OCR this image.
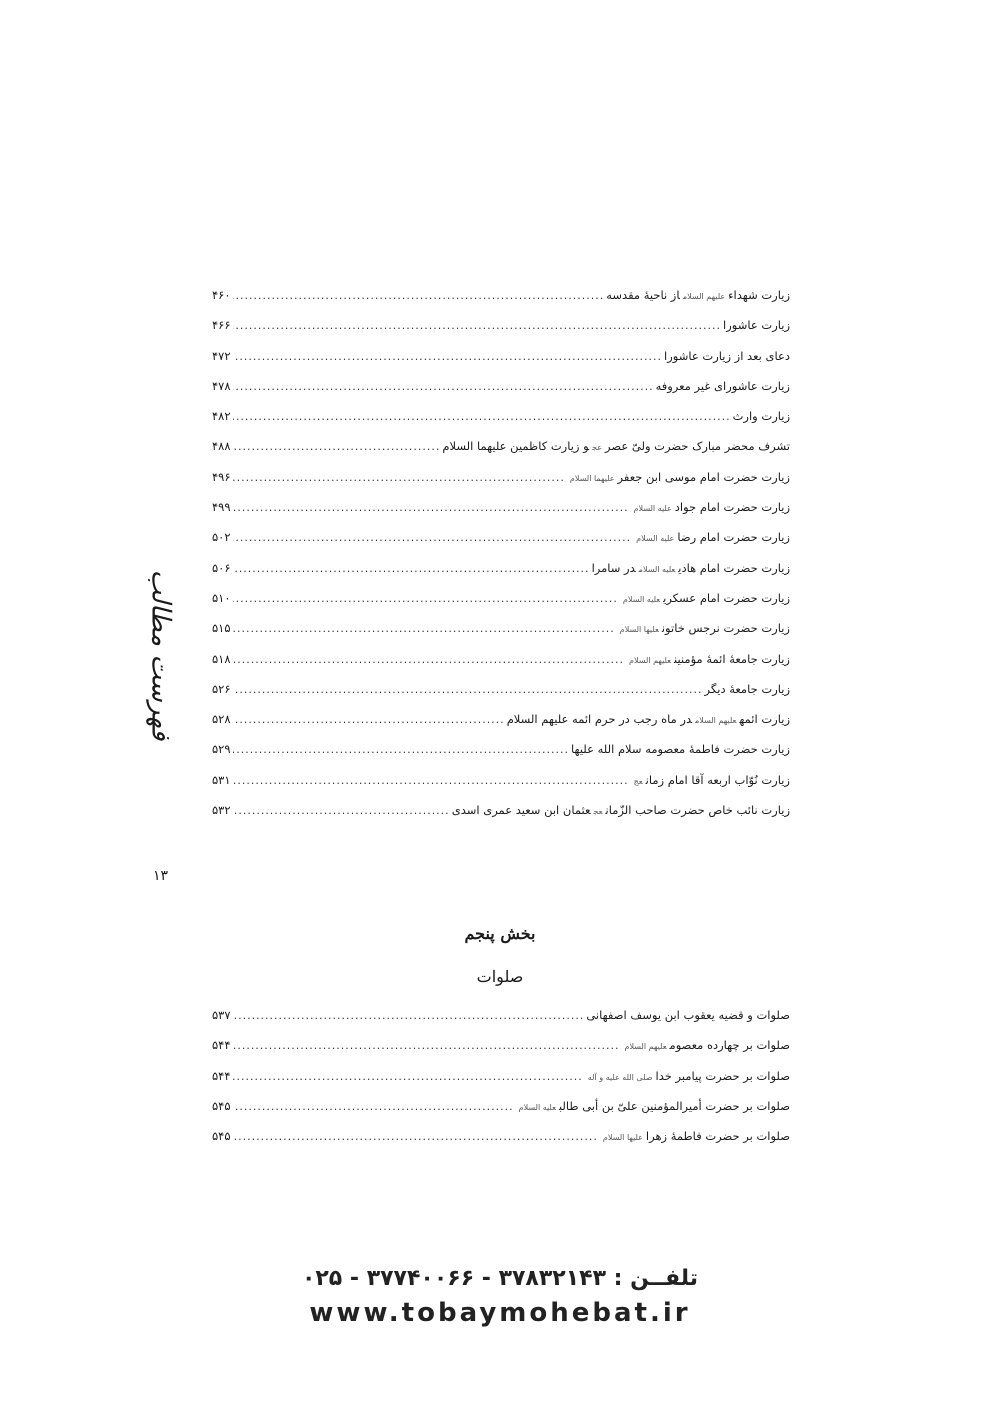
فهرست مطالب
۱۳
زیارت شهداءعلیهم السلاماز ناحیهٔ مقدسه
.....
۴۶۰
زیارت عاشورا
.....
۴۶۶
دعای بعد از زیارت عاشورا
.....
۴۷۲
زیارت عاشورای غیر معروفه
.....
۴۷۸
زیارت وارث
.....
۴۸۲
تشرف محضر مبارک حضرت ولیّ عصرعجو زیارت کاظمین علیهما السلام
.....
۴۸۸
زیارت حضرت امام موسی ابن جعفرعلیهما السلام
.....
۴۹۶
زیارت حضرت امام جوادعلیه السلام
.....
۴۹۹
زیارت حضرت امام رضاعلیه السلام
.....
۵۰۲
زیارت حضرت امام هادیعلیه السلامدر سامرا
.....
۵۰۶
زیارت حضرت امام عسکریعلیه السلام
.....
۵۱۰
زیارت حضرت نرجس خاتونعلیها السلام
.....
۵۱۵
زیارت جامعهٔ ائمهٔ مؤمنینعلیهم السلام
.....
۵۱۸
زیارت جامعهٔ دیگر
.....
۵۲۶
زیارت ائمهعلیهم السلامدر ماه رجب در حرم ائمه علیهم السلام
.....
۵۲۸
زیارت حضرت فاطمهٔ معصومه سلام الله علیها
.....
۵۲۹
زیارت نُوّاب اربعه آقا امام زمانعج
.....
۵۳۱
زیارت نائب خاص حضرت صاحب الزّمانعجعثمان ابن سعید عمری اسدی
.....
۵۳۲
بخش پنجم
صلوات
صلوات و قضیه یعقوب ابن یوسف اصفهانی
.....
۵۳۷
صلوات بر چهارده معصومعلیهم السلام
.....
۵۴۴
صلوات بر حضرت پیامبر خداصلی الله علیه و آله
.....
۵۴۴
صلوات بر حضرت أمیرالمؤمنین علیّ بن أبی طالبعلیه السلام
.....
۵۴۵
صلوات بر حضرت فاطمهٔ زهراعلیها السلام
.....
۵۴۵
تلفــن : ۳۷۸۳۲۱۴۳ - ۳۷۷۴۰۰۶۶ - ۰۲۵
www.tobaymohebat.ir
